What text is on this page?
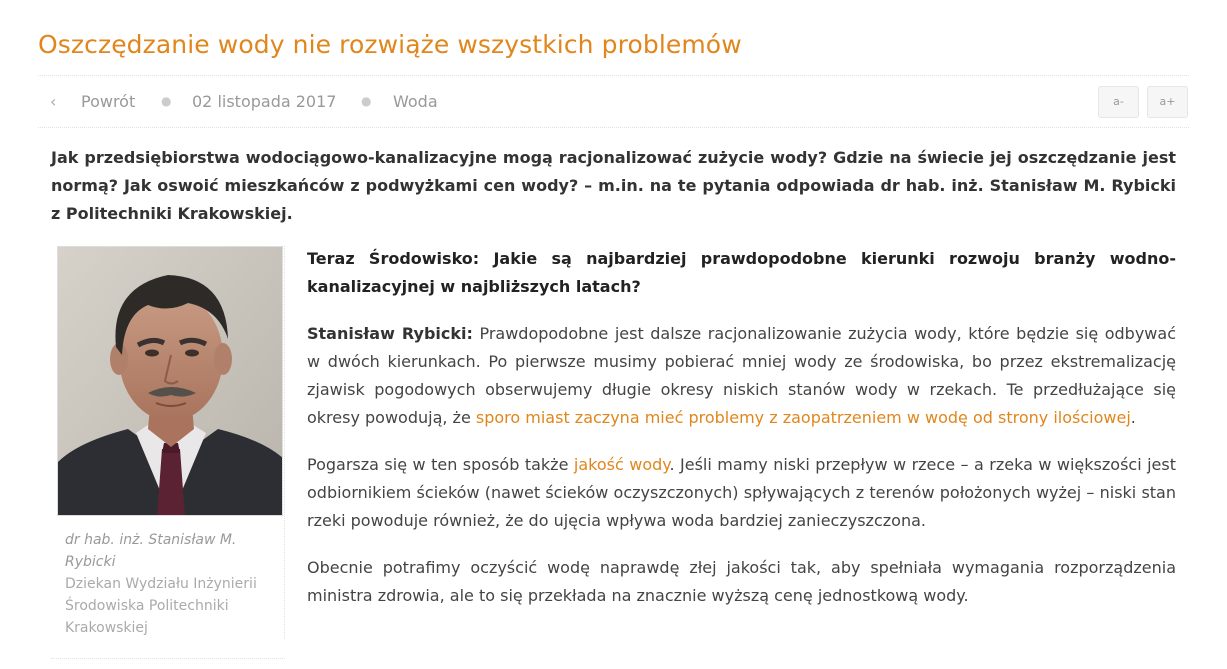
Oszczędzanie wody nie rozwiąże wszystkich problemów
‹ Powrót ● 02 listopada 2017 ● Woda	a-	a+

Jak przedsiębiorstwa wodociągowo-kanalizacyjne mogą racjonalizować zużycie wody? Gdzie na świecie jej oszczędzanie jest normą? Jak oswoić mieszkańców z podwyżkami cen wody? – m.in. na te pytania odpowiada dr hab. inż. Stanisław M. Rybicki z Politechniki Krakowskiej.

dr hab. inż. Stanisław M. Rybicki
Dziekan Wydziału Inżynierii Środowiska Politechniki Krakowskiej

Teraz Środowisko: Jakie są najbardziej prawdopodobne kierunki rozwoju branży wodno-kanalizacyjnej w najbliższych latach?

Stanisław Rybicki: Prawdopodobne jest dalsze racjonalizowanie zużycia wody, które będzie się odbywać w dwóch kierunkach. Po pierwsze musimy pobierać mniej wody ze środowiska, bo przez ekstremalizację zjawisk pogodowych obserwujemy długie okresy niskich stanów wody w rzekach. Te przedłużające się okresy powodują, że sporo miast zaczyna mieć problemy z zaopatrzeniem w wodę od strony ilościowej.

Pogarsza się w ten sposób także jakość wody. Jeśli mamy niski przepływ w rzece – a rzeka w większości jest odbiornikiem ścieków (nawet ścieków oczyszczonych) spływających z terenów położonych wyżej – niski stan rzeki powoduje również, że do ujęcia wpływa woda bardziej zanieczyszczona.

Obecnie potrafimy oczyścić wodę naprawdę złej jakości tak, aby spełniała wymagania rozporządzenia ministra zdrowia, ale to się przekłada na znacznie wyższą cenę jednostkową wody.
